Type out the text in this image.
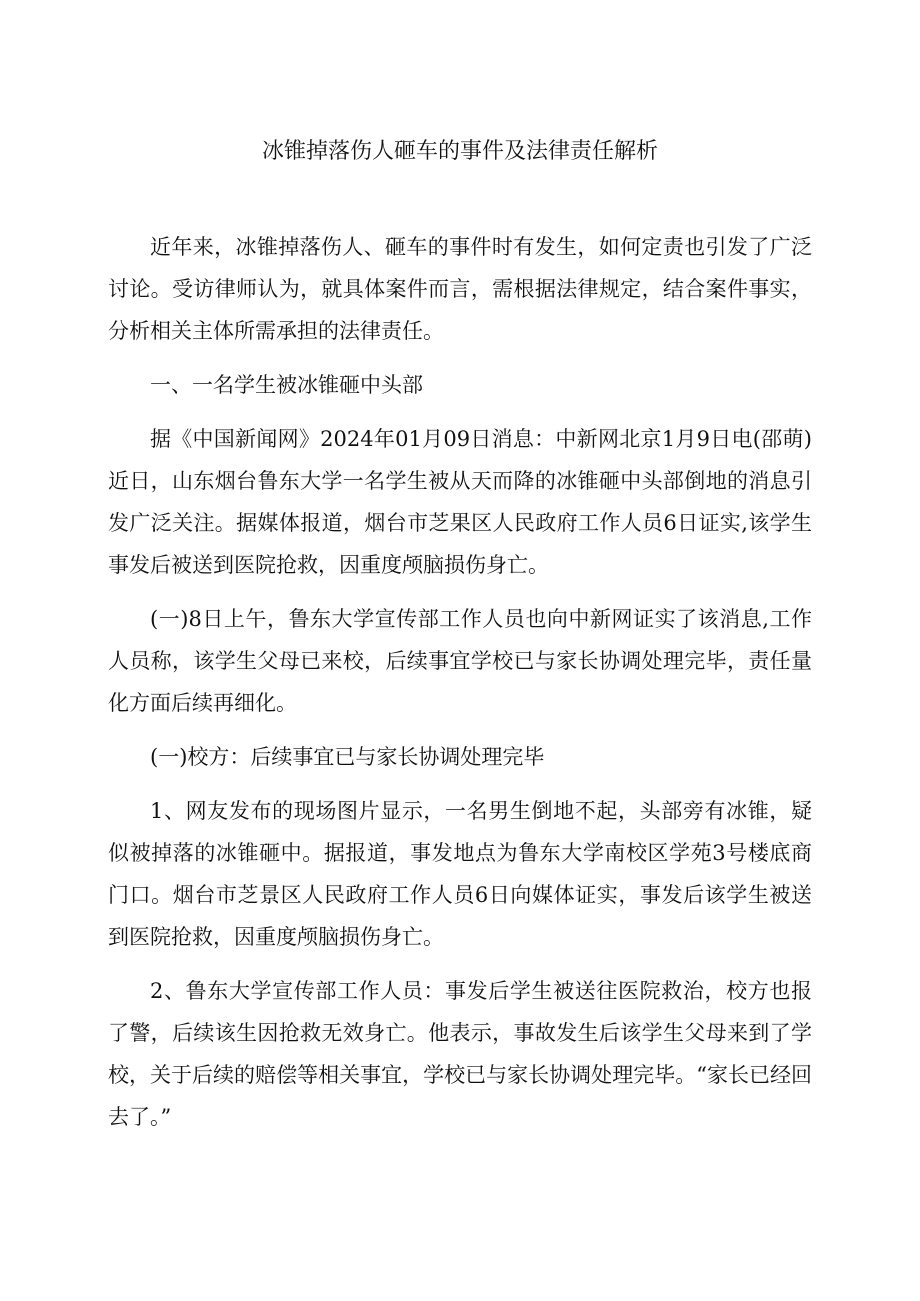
冰锥掉落伤人砸车的事件及法律责任解析

近年来，冰锥掉落伤人、砸车的事件时有发生，如何定责也引发了广泛讨论。受访律师认为，就具体案件而言，需根据法律规定，结合案件事实，分析相关主体所需承担的法律责任。

一、一名学生被冰锥砸中头部

据《中国新闻网》2024年01月09日消息：中新网北京1月9日电(邵萌)近日，山东烟台鲁东大学一名学生被从天而降的冰锥砸中头部倒地的消息引发广泛关注。据媒体报道，烟台市芝果区人民政府工作人员6日证实,该学生事发后被送到医院抢救，因重度颅脑损伤身亡。

(一)8日上午，鲁东大学宣传部工作人员也向中新网证实了该消息,工作人员称，该学生父母已来校，后续事宜学校已与家长协调处理完毕，责任量化方面后续再细化。

(一)校方：后续事宜已与家长协调处理完毕

1、网友发布的现场图片显示，一名男生倒地不起，头部旁有冰锥，疑似被掉落的冰锥砸中。据报道，事发地点为鲁东大学南校区学苑3号楼底商门口。烟台市芝景区人民政府工作人员6日向媒体证实，事发后该学生被送到医院抢救，因重度颅脑损伤身亡。

2、鲁东大学宣传部工作人员：事发后学生被送往医院救治，校方也报了警，后续该生因抢救无效身亡。他表示，事故发生后该学生父母来到了学校，关于后续的赔偿等相关事宜，学校已与家长协调处理完毕。“家长已经回去了。”
